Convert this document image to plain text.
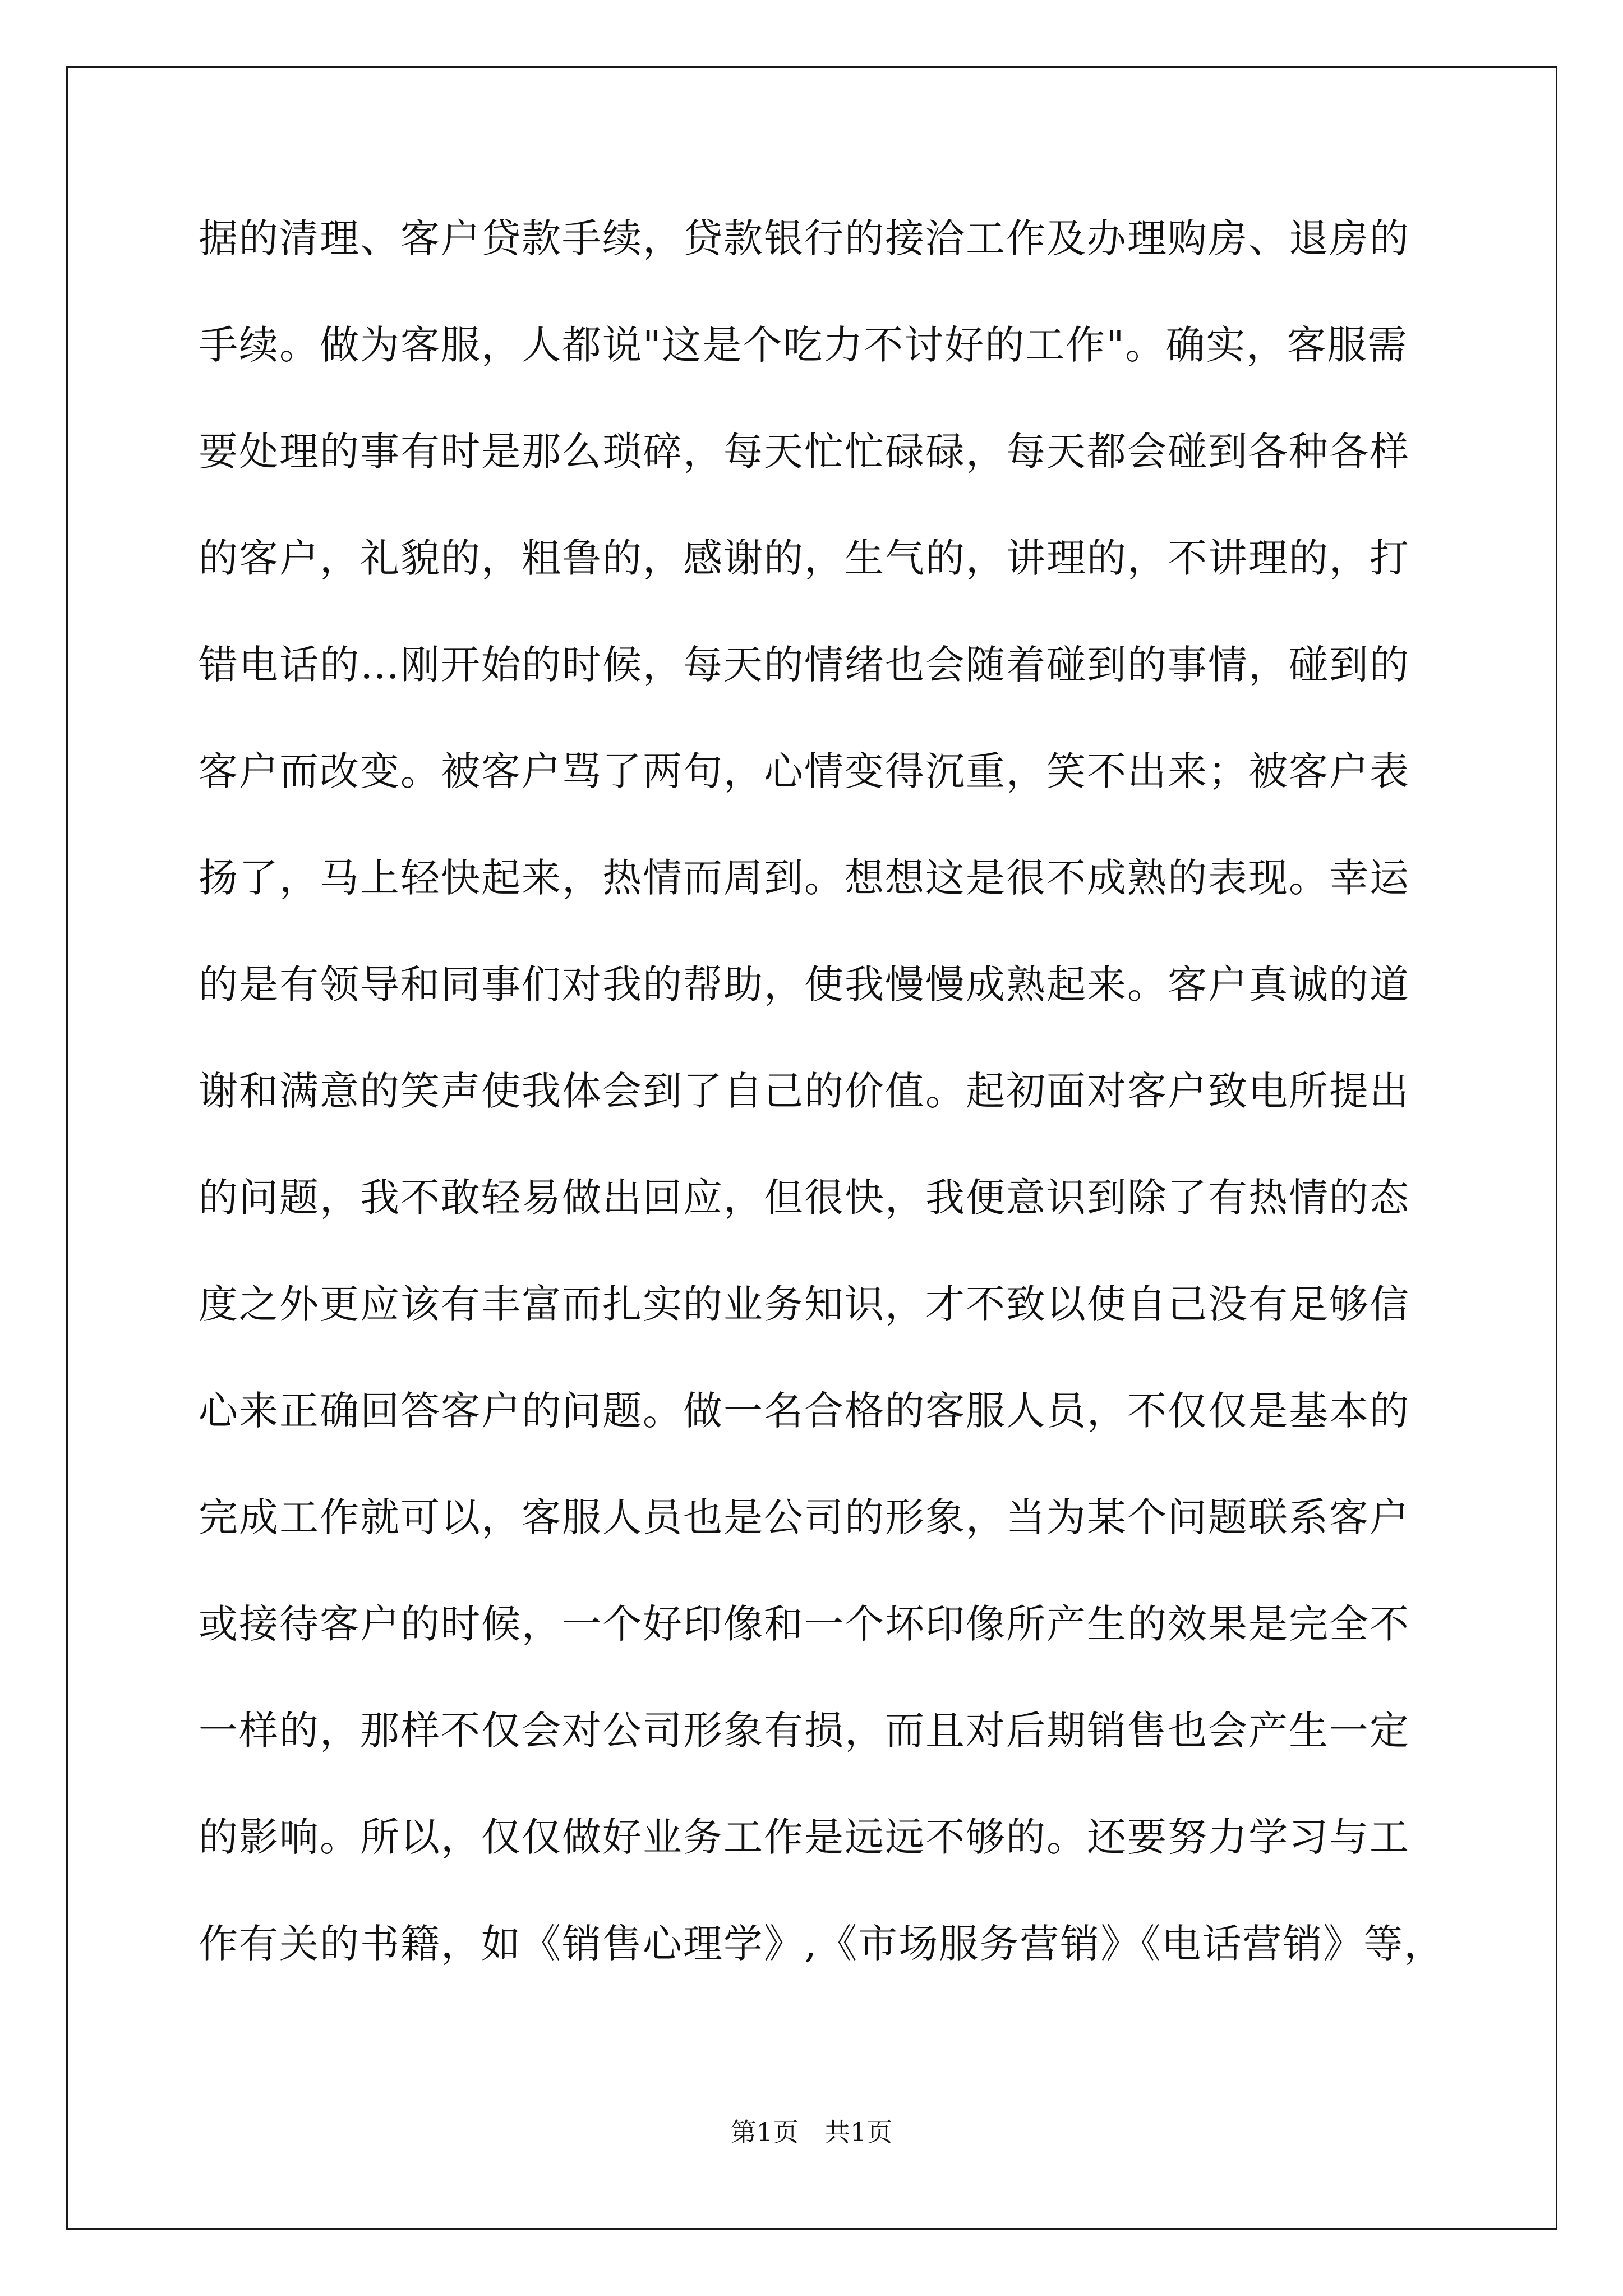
据的清理、客户贷款手续，贷款银行的接洽工作及办理购房、退房的
手续。做为客服，人都说"这是个吃力不讨好的工作"。确实，客服需
要处理的事有时是那么琐碎，每天忙忙碌碌，每天都会碰到各种各样
的客户，礼貌的，粗鲁的，感谢的，生气的，讲理的，不讲理的，打
错电话的…刚开始的时候，每天的情绪也会随着碰到的事情，碰到的
客户而改变。被客户骂了两句，心情变得沉重，笑不出来；被客户表
扬了，马上轻快起来，热情而周到。想想这是很不成熟的表现。幸运
的是有领导和同事们对我的帮助，使我慢慢成熟起来。客户真诚的道
谢和满意的笑声使我体会到了自己的价值。起初面对客户致电所提出
的问题，我不敢轻易做出回应，但很快，我便意识到除了有热情的态
度之外更应该有丰富而扎实的业务知识，才不致以使自己没有足够信
心来正确回答客户的问题。做一名合格的客服人员，不仅仅是基本的
完成工作就可以，客服人员也是公司的形象，当为某个问题联系客户
或接待客户的时候，一个好印像和一个坏印像所产生的效果是完全不
一样的，那样不仅会对公司形象有损，而且对后期销售也会产生一定
的影响。所以，仅仅做好业务工作是远远不够的。还要努力学习与工
作有关的书籍，如《销售心理学》,《市场服务营销》《电话营销》等，
第1页　共1页
